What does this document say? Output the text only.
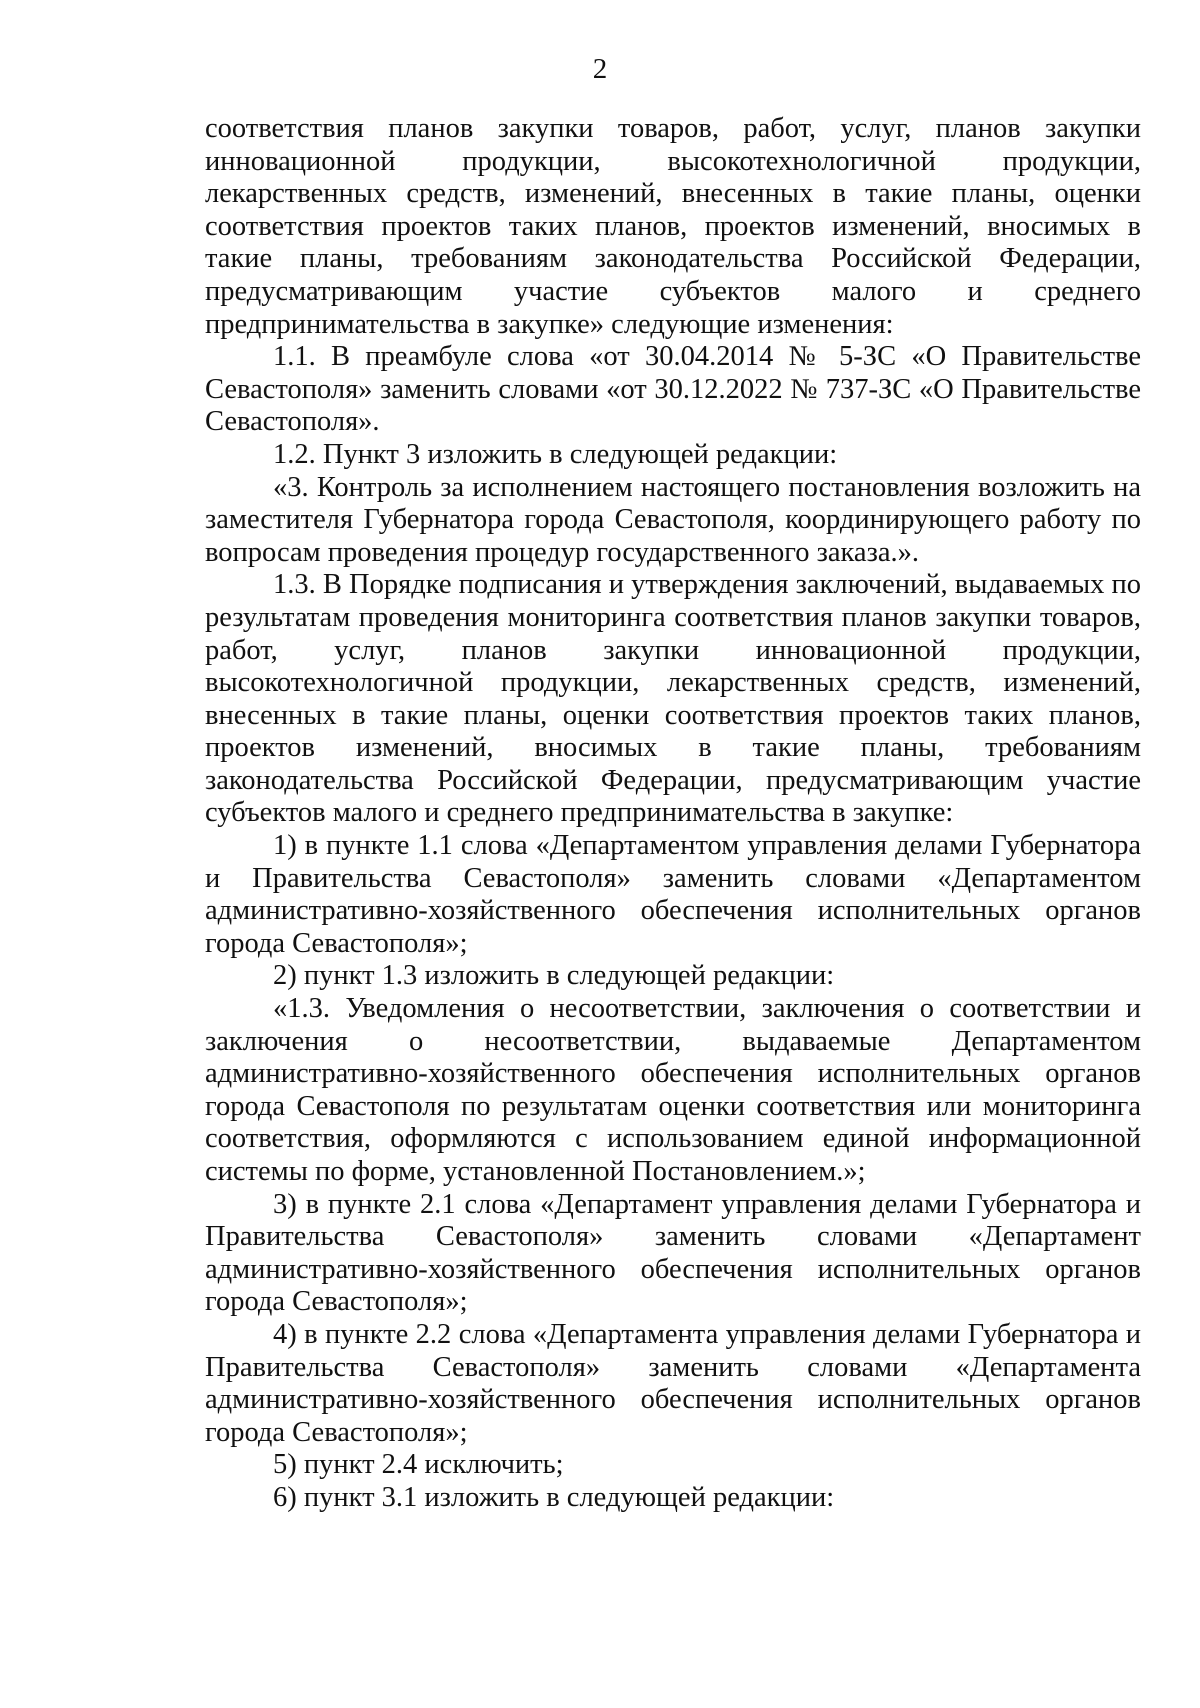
2

соответствия планов закупки товаров, работ, услуг, планов закупки инновационной продукции, высокотехнологичной продукции, лекарственных средств, изменений, внесенных в такие планы, оценки соответствия проектов таких планов, проектов изменений, вносимых в такие планы, требованиям законодательства Российской Федерации, предусматривающим участие субъектов малого и среднего предпринимательства в закупке» следующие изменения:

1.1. В преамбуле слова «от 30.04.2014 № 5-ЗС «О Правительстве Севастополя» заменить словами «от 30.12.2022 № 737-ЗС «О Правительстве Севастополя».

1.2. Пункт 3 изложить в следующей редакции:

«3. Контроль за исполнением настоящего постановления возложить на заместителя Губернатора города Севастополя, координирующего работу по вопросам проведения процедур государственного заказа.».

1.3. В Порядке подписания и утверждения заключений, выдаваемых по результатам проведения мониторинга соответствия планов закупки товаров, работ, услуг, планов закупки инновационной продукции, высокотехнологичной продукции, лекарственных средств, изменений, внесенных в такие планы, оценки соответствия проектов таких планов, проектов изменений, вносимых в такие планы, требованиям законодательства Российской Федерации, предусматривающим участие субъектов малого и среднего предпринимательства в закупке:

1) в пункте 1.1 слова «Департаментом управления делами Губернатора и Правительства Севастополя» заменить словами «Департаментом административно-хозяйственного обеспечения исполнительных органов города Севастополя»;

2) пункт 1.3 изложить в следующей редакции:

«1.3. Уведомления о несоответствии, заключения о соответствии и заключения о несоответствии, выдаваемые Департаментом административно-хозяйственного обеспечения исполнительных органов города Севастополя по результатам оценки соответствия или мониторинга соответствия, оформляются с использованием единой информационной системы по форме, установленной Постановлением.»;

3) в пункте 2.1 слова «Департамент управления делами Губернатора и Правительства Севастополя» заменить словами «Департамент административно-хозяйственного обеспечения исполнительных органов города Севастополя»;

4) в пункте 2.2 слова «Департамента управления делами Губернатора и Правительства Севастополя» заменить словами «Департамента административно-хозяйственного обеспечения исполнительных органов города Севастополя»;

5) пункт 2.4 исключить;

6) пункт 3.1 изложить в следующей редакции:
